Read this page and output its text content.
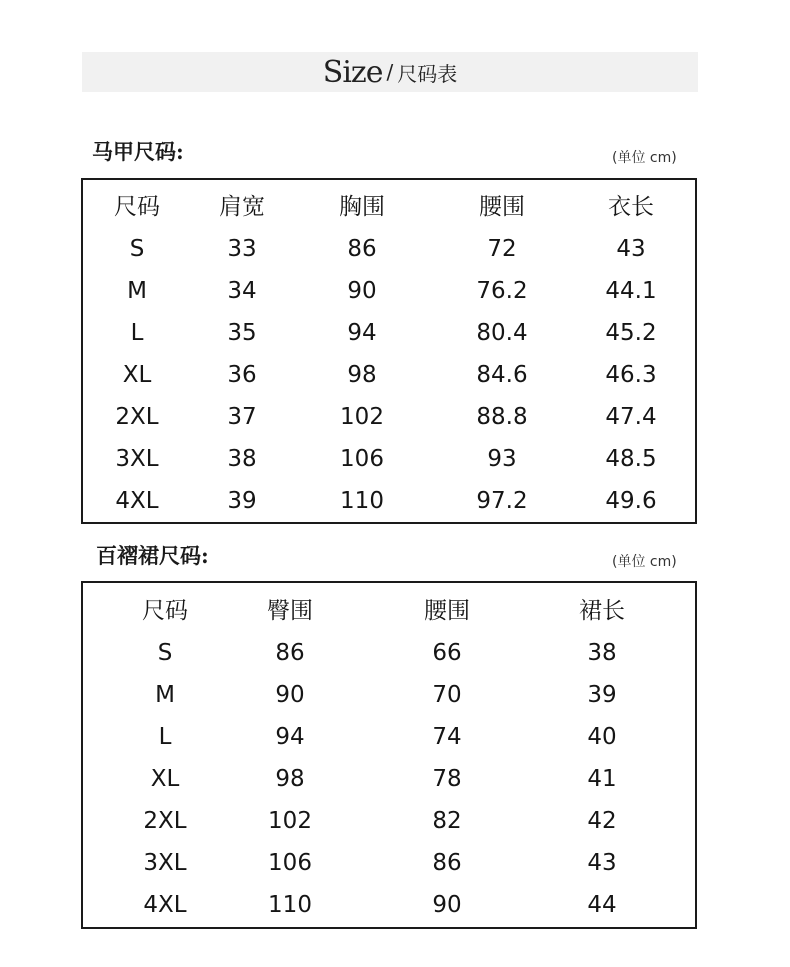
Size / 尺码表
马甲尺码:	(单位 cm)
尺码	肩宽	胸围	腰围	衣长
S	33	86	72	43
M	34	90	76.2	44.1
L	35	94	80.4	45.2
XL	36	98	84.6	46.3
2XL	37	102	88.8	47.4
3XL	38	106	93	48.5
4XL	39	110	97.2	49.6
百褶裙尺码:	(单位 cm)
尺码	臀围	腰围	裙长
S	86	66	38
M	90	70	39
L	94	74	40
XL	98	78	41
2XL	102	82	42
3XL	106	86	43
4XL	110	90	44
